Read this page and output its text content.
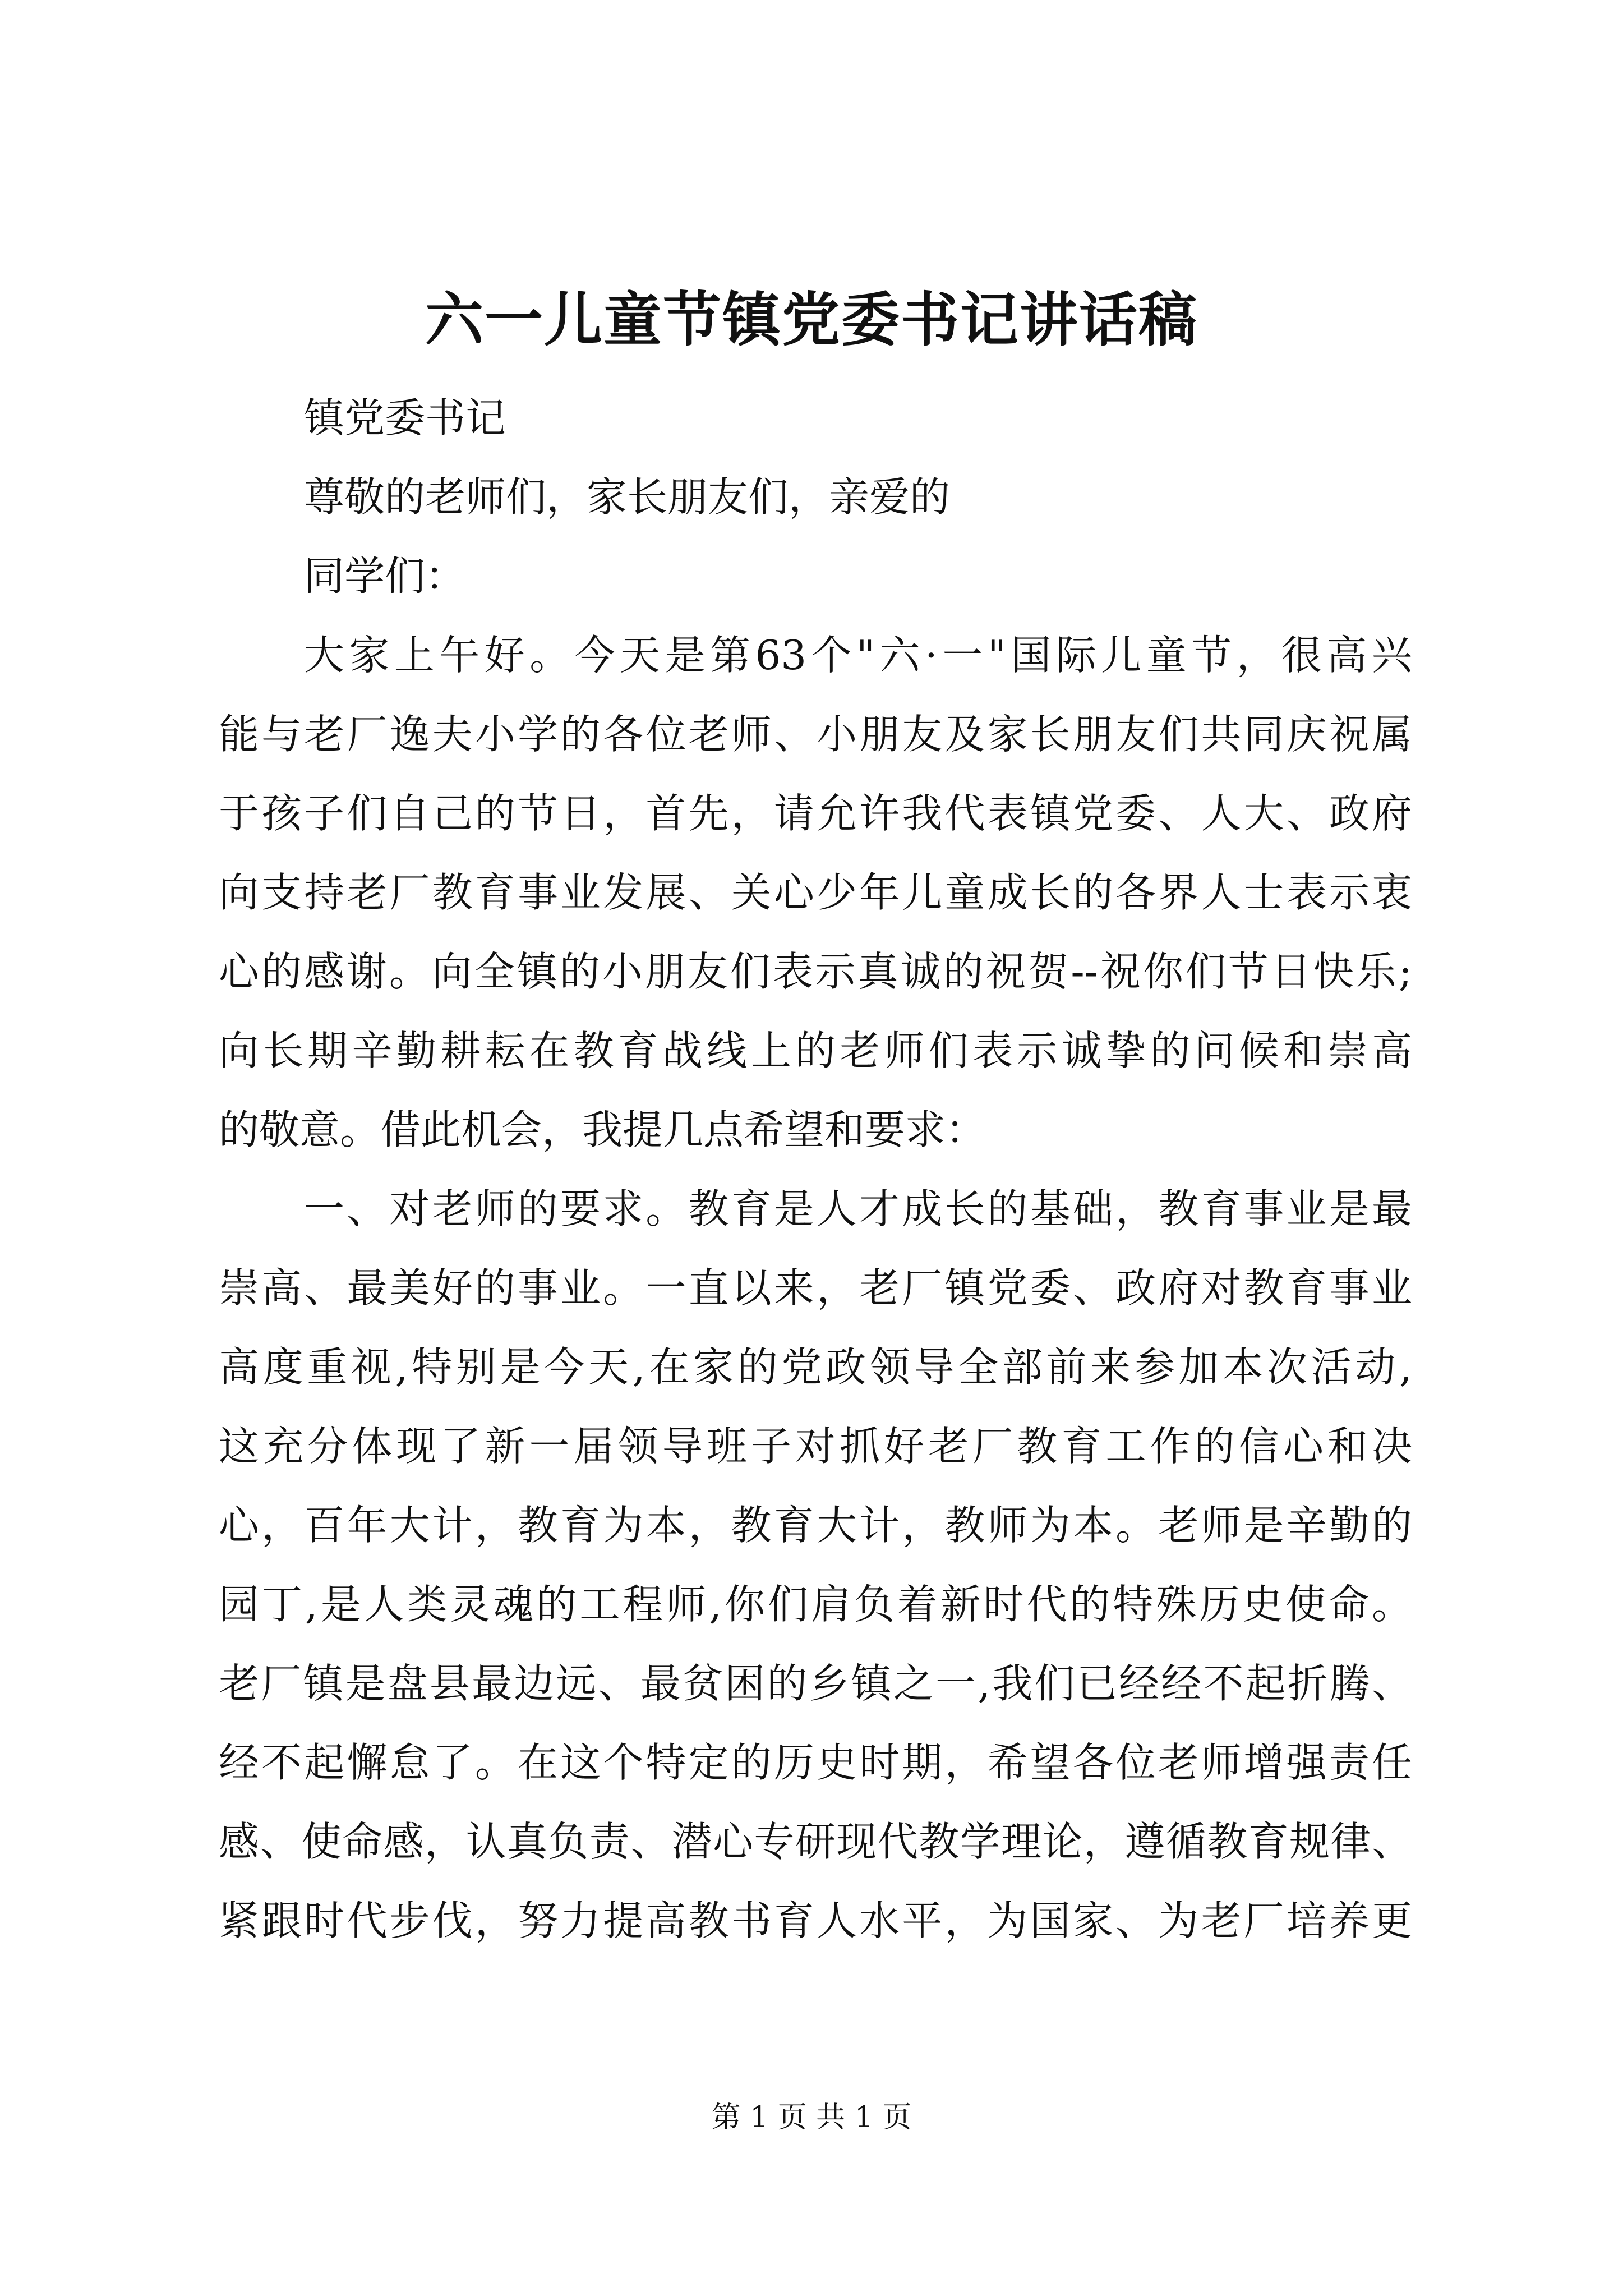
六一儿童节镇党委书记讲话稿
镇党委书记
尊敬的老师们，家长朋友们，亲爱的
同学们：
大家上午好。今天是第63个"六·一"国际儿童节，很高兴
能与老厂逸夫小学的各位老师、小朋友及家长朋友们共同庆祝属
于孩子们自己的节日，首先，请允许我代表镇党委、人大、政府
向支持老厂教育事业发展、关心少年儿童成长的各界人士表示衷
心的感谢。向全镇的小朋友们表示真诚的祝贺--祝你们节日快乐;
向长期辛勤耕耘在教育战线上的老师们表示诚挚的问候和崇高
的敬意。借此机会，我提几点希望和要求：
一、对老师的要求。教育是人才成长的基础，教育事业是最
崇高、最美好的事业。一直以来，老厂镇党委、政府对教育事业
高度重视,特别是今天,在家的党政领导全部前来参加本次活动,
这充分体现了新一届领导班子对抓好老厂教育工作的信心和决
心，百年大计，教育为本，教育大计，教师为本。老师是辛勤的
园丁,是人类灵魂的工程师,你们肩负着新时代的特殊历史使命。
老厂镇是盘县最边远、最贫困的乡镇之一,我们已经经不起折腾、
经不起懈怠了。在这个特定的历史时期，希望各位老师增强责任
感、使命感，认真负责、潜心专研现代教学理论，遵循教育规律、
紧跟时代步伐，努力提高教书育人水平，为国家、为老厂培养更
第 1 页 共 1 页
